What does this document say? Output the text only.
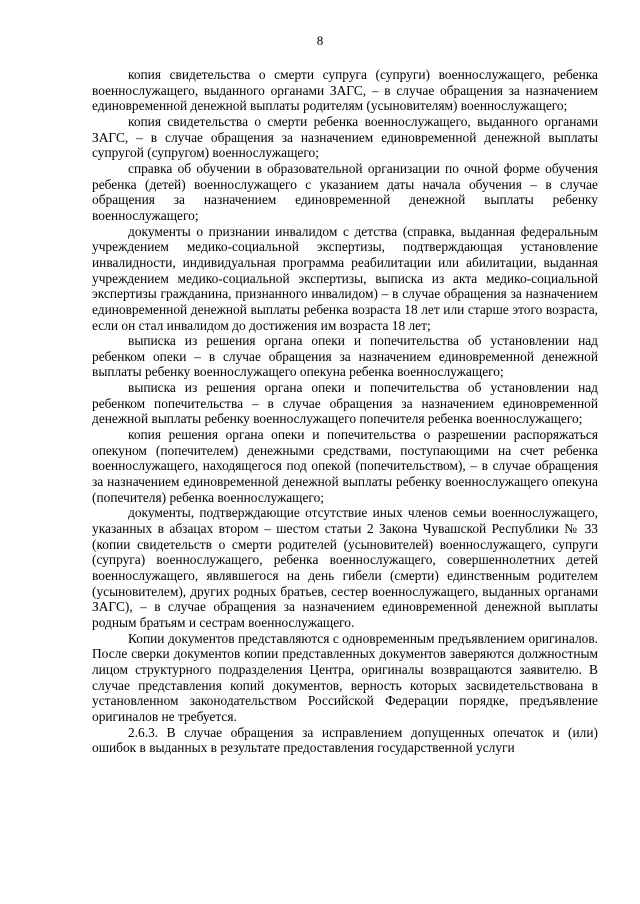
8

копия свидетельства о смерти супруга (супруги) военнослужащего, ребенка военнослужащего, выданного органами ЗАГС, – в случае обращения за назначением единовременной денежной выплаты родителям (усыновителям) военнослужащего;

копия свидетельства о смерти ребенка военнослужащего, выданного органами ЗАГС, – в случае обращения за назначением единовременной денежной выплаты супругой (супругом) военнослужащего;

справка об обучении в образовательной организации по очной форме обучения ребенка (детей) военнослужащего с указанием даты начала обучения – в случае обращения за назначением единовременной денежной выплаты ребенку военнослужащего;

документы о признании инвалидом с детства (справка, выданная федеральным учреждением медико-социальной экспертизы, подтверждающая установление инвалидности, индивидуальная программа реабилитации или абилитации, выданная учреждением медико-социальной экспертизы, выписка из акта медико-социальной экспертизы гражданина, признанного инвалидом) – в случае обращения за назначением единовременной денежной выплаты ребенка возраста 18 лет или старше этого возраста, если он стал инвалидом до достижения им возраста 18 лет;

выписка из решения органа опеки и попечительства об установлении над ребенком опеки – в случае обращения за назначением единовременной денежной выплаты ребенку военнослужащего опекуна ребенка военнослужащего;

выписка из решения органа опеки и попечительства об установлении над ребенком попечительства – в случае обращения за назначением единовременной денежной выплаты ребенку военнослужащего попечителя ребенка военнослужащего;

копия решения органа опеки и попечительства о разрешении распоряжаться опекуном (попечителем) денежными средствами, поступающими на счет ребенка военнослужащего, находящегося под опекой (попечительством), – в случае обращения за назначением единовременной денежной выплаты ребенку военнослужащего опекуна (попечителя) ребенка военнослужащего;

документы, подтверждающие отсутствие иных членов семьи военнослужащего, указанных в абзацах втором – шестом статьи 2 Закона Чувашской Республики № 33 (копии свидетельств о смерти родителей (усыновителей) военнослужащего, супруги (супруга) военнослужащего, ребенка военнослужащего, совершеннолетних детей военнослужащего, являвшегося на день гибели (смерти) единственным родителем (усыновителем), других родных братьев, сестер военнослужащего, выданных органами ЗАГС), – в случае обращения за назначением единовременной денежной выплаты родным братьям и сестрам военнослужащего.

Копии документов представляются с одновременным предъявлением оригиналов. После сверки документов копии представленных документов заверяются должностным лицом структурного подразделения Центра, оригиналы возвращаются заявителю. В случае представления копий документов, верность которых засвидетельствована в установленном законодательством Российской Федерации порядке, предъявление оригиналов не требуется.

2.6.3. В случае обращения за исправлением допущенных опечаток и (или) ошибок в выданных в результате предоставления государственной услуги
